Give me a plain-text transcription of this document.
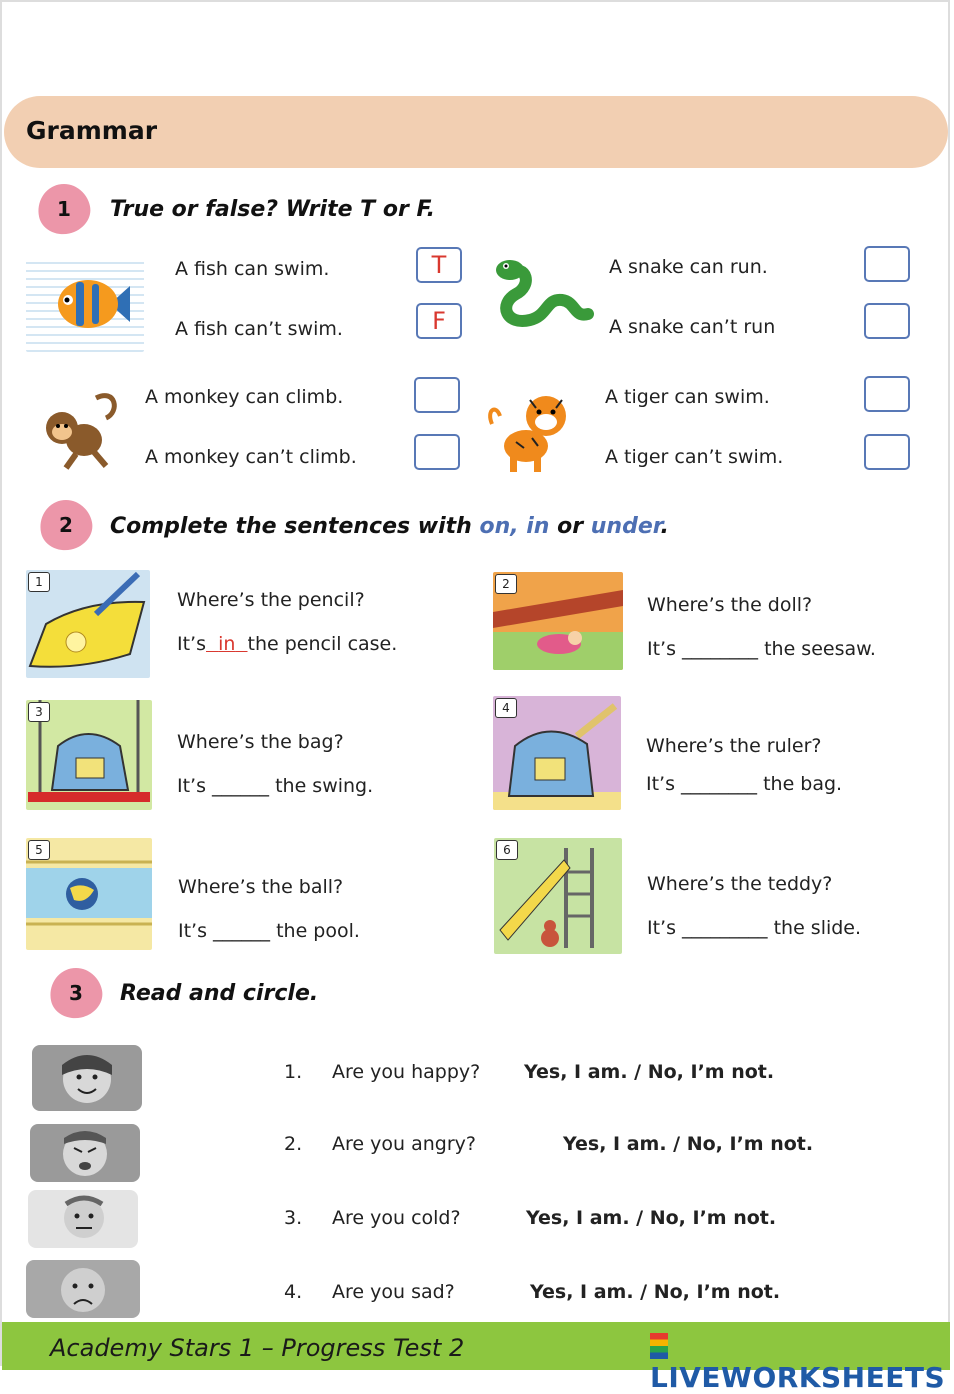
Grammar
1 True or false? Write T or F.
A fish can swim.
A fish can’t swim.
T
F
A snake can run.
A snake can’t run
A monkey can climb.
A monkey can’t climb.
A tiger can swim.
A tiger can’t swim.
2 Complete the sentences with on, in or under.
1
Where’s the pencil?
It’s in the pencil case.
2
Where’s the doll?
It’s ________ the seesaw.
3
Where’s the bag?
It’s ______ the swing.
4
Where’s the ruler?
It’s ________ the bag.
5
Where’s the ball?
It’s ______ the pool.
6
Where’s the teddy?
It’s _________ the slide.
3 Read and circle.
1. Are you happy? Yes, I am. / No, I’m not.
2. Are you angry?	Yes, I am. / No, I’m not.
3. Are you cold?	Yes, I am. / No, I’m not.
4. Are you sad?	Yes, I am. / No, I’m not.
Academy Stars 1 – Progress Test 2
LIVEWORKSHEETS
